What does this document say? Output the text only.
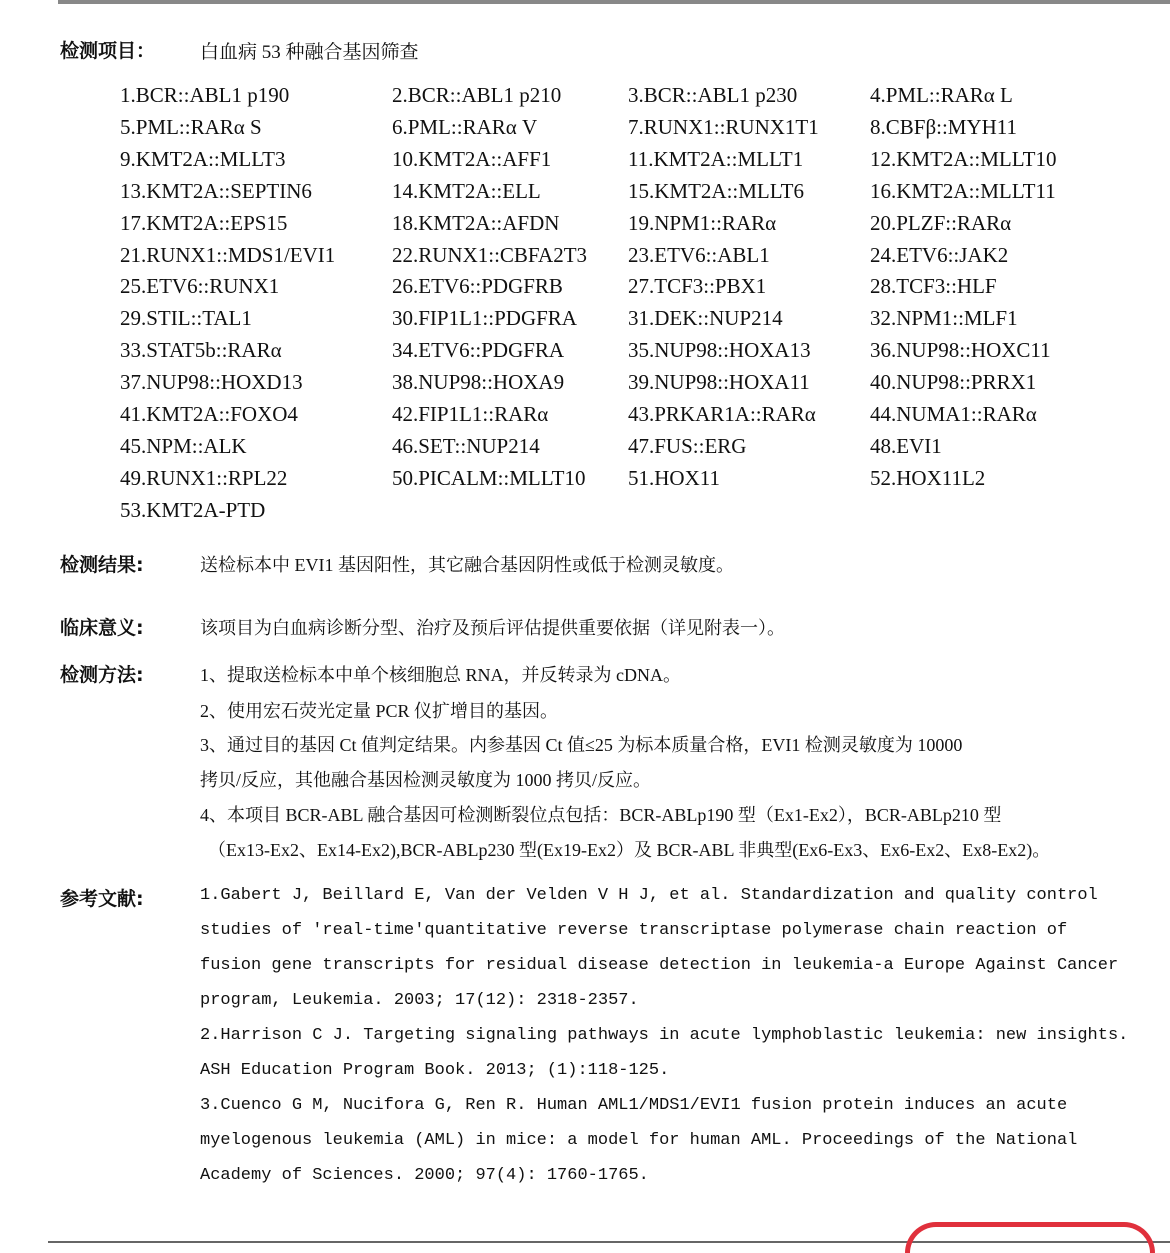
检测项目： 白血病 53 种融合基因筛查
1.BCR::ABL1 p190	2.BCR::ABL1 p210	3.BCR::ABL1 p230	4.PML::RARα L
5.PML::RARα S	6.PML::RARα V	7.RUNX1::RUNX1T1 8.CBFβ::MYH11
9.KMT2A::MLLT3	10.KMT2A::AFF1	11.KMT2A::MLLT1	12.KMT2A::MLLT10
13.KMT2A::SEPTIN6	14.KMT2A::ELL	15.KMT2A::MLLT6	16.KMT2A::MLLT11
17.KMT2A::EPS15	18.KMT2A::AFDN	19.NPM1::RARα	20.PLZF::RARα
21.RUNX1::MDS1/EVI1	22.RUNX1::CBFA2T3 23.ETV6::ABL1	24.ETV6::JAK2
25.ETV6::RUNX1	26.ETV6::PDGFRB	27.TCF3::PBX1	28.TCF3::HLF
29.STIL::TAL1	30.FIP1L1::PDGFRA 31.DEK::NUP214	32.NPM1::MLF1
33.STAT5b::RARα	34.ETV6::PDGFRA	35.NUP98::HOXA13	36.NUP98::HOXC11
37.NUP98::HOXD13	38.NUP98::HOXA9	39.NUP98::HOXA11	40.NUP98::PRRX1
41.KMT2A::FOXO4	42.FIP1L1::RARα	43.PRKAR1A::RARα	44.NUMA1::RARα
45.NPM::ALK	46.SET::NUP214	47.FUS::ERG	48.EVI1
49.RUNX1::RPL22	50.PICALM::MLLT10 51.HOX11	52.HOX11L2
53.KMT2A-PTD
检测结果:	送检标本中 EVI1 基因阳性，其它融合基因阴性或低于检测灵敏度。
临床意义:	该项目为白血病诊断分型、治疗及预后评估提供重要依据（详见附表一）。
检测方法:	1、提取送检标本中单个核细胞总 RNA，并反转录为 cDNA。
2、使用宏石荧光定量 PCR 仪扩增目的基因。
3、通过目的基因 Ct 值判定结果。内参基因 Ct 值≤25 为标本质量合格，EVI1 检测灵敏度为 10000
拷贝/反应，其他融合基因检测灵敏度为 1000 拷贝/反应。
4、本项目 BCR-ABL 融合基因可检测断裂位点包括：BCR-ABLp190 型（Ex1-Ex2），BCR-ABLp210 型
（Ex13-Ex2、Ex14-Ex2),BCR-ABLp230 型(Ex19-Ex2）及 BCR-ABL 非典型(Ex6-Ex3、Ex6-Ex2、Ex8-Ex2)。
参考文献:	1.Gabert J, Beillard E, Van der Velden V H J, et al. Standardization and quality control
studies of 'real-time'quantitative reverse transcriptase polymerase chain reaction of
fusion gene transcripts for residual disease detection in leukemia-a Europe Against Cancer
program, Leukemia. 2003; 17(12): 2318-2357.
2.Harrison C J. Targeting signaling pathways in acute lymphoblastic leukemia: new insights.
ASH Education Program Book. 2013; (1):118-125.
3.Cuenco G M, Nucifora G, Ren R. Human AML1/MDS1/EVI1 fusion protein induces an acute
myelogenous leukemia (AML) in mice: a model for human AML. Proceedings of the National
Academy of Sciences. 2000; 97(4): 1760-1765.
